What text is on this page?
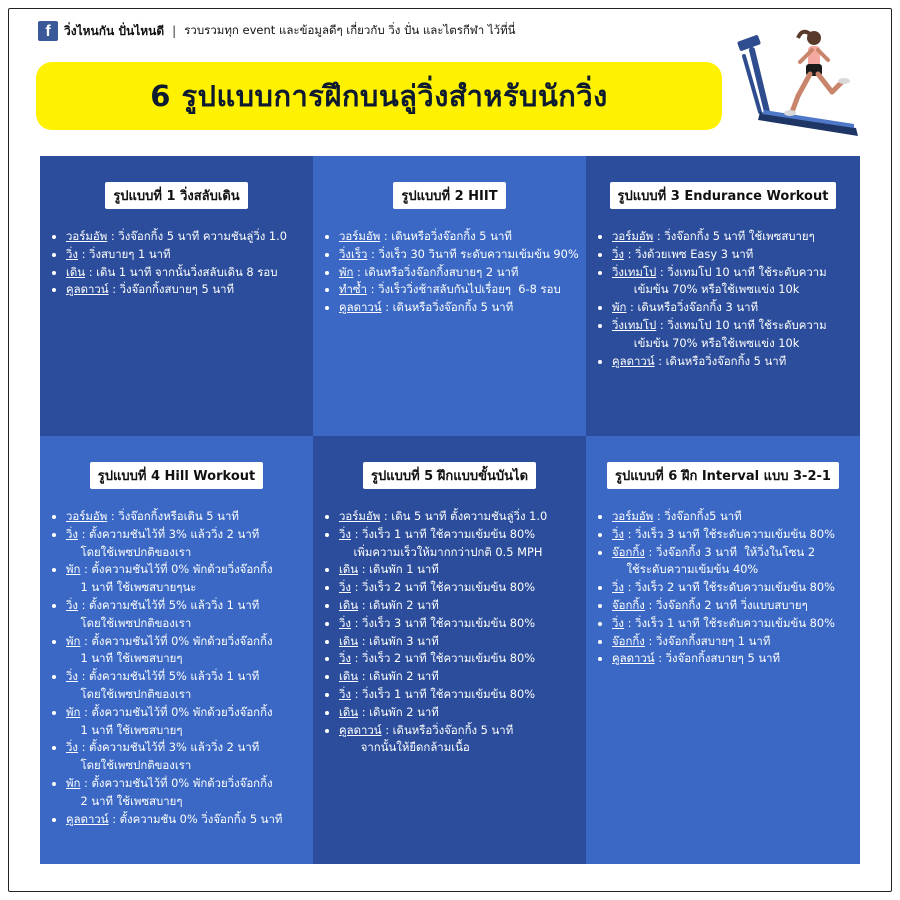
f	วิ่งไหนกัน ปั่นไหนดี | รวบรวมทุก event และข้อมูลดีๆ เกี่ยวกับ วิ่ง ปั่น และไตรกีฬา ไว้ที่นี่
6 รูปแบบการฝึกบนลู่วิ่งสำหรับนักวิ่ง
รูปแบบที่ 1 วิ่งสลับเดิน
วอร์มอัพ : วิ่งจ๊อกกิ้ง 5 นาที ความชันลู่วิ่ง 1.0
วิ่ง : วิ่งสบายๆ 1 นาที
เดิน : เดิน 1 นาที จากนั้นวิ่งสลับเดิน 8 รอบ
คูลดาวน์ : วิ่งจ๊อกกิ้งสบายๆ 5 นาที
รูปแบบที่ 2 HIIT
วอร์มอัพ : เดินหรือวิ่งจ๊อกกิ้ง 5 นาที
วิ่งเร็ว : วิ่งเร็ว 30 วินาที ระดับความเข้มข้น 90%
พัก : เดินหรือวิ่งจ๊อกกิ้งสบายๆ 2 นาที
ทำซ้ำ : วิ่งเร็ววิ่งช้าสลับกันไปเรื่อยๆ  6-8 รอบ
คูลดาวน์ : เดินหรือวิ่งจ๊อกกิ้ง 5 นาที
รูปแบบที่ 3 Endurance Workout
วอร์มอัพ : วิ่งจ๊อกกิ้ง 5 นาที ใช้เพซสบายๆ
วิ่ง : วิ่งด้วยเพซ Easy 3 นาที
วิ่งเทมโป : วิ่งเทมโป 10 นาที ใช้ระดับความ
เข้มข้น 70% หรือใช้เพซแข่ง 10k
พัก : เดินหรือวิ่งจ๊อกกิ้ง 3 นาที
วิ่งเทมโป : วิ่งเทมโป 10 นาที ใช้ระดับความ
เข้มข้น 70% หรือใช้เพซแข่ง 10k
คูลดาวน์ : เดินหรือวิ่งจ๊อกกิ้ง 5 นาที
รูปแบบที่ 4 Hill Workout
วอร์มอัพ : วิ่งจ๊อกกิ้งหรือเดิน 5 นาที
วิ่ง : ตั้งความชันไว้ที่ 3% แล้ววิ่ง 2 นาที
โดยใช้เพซปกติของเรา
พัก : ตั้งความชันไว้ที่ 0% พักด้วยวิ่งจ๊อกกิ้ง
1 นาที ใช้เพซสบายๆนะ
วิ่ง : ตั้งความชันไว้ที่ 5% แล้ววิ่ง 1 นาที
โดยใช้เพซปกติของเรา
พัก : ตั้งความชันไว้ที่ 0% พักด้วยวิ่งจ๊อกกิ้ง
1 นาที ใช้เพซสบายๆ
วิ่ง : ตั้งความชันไว้ที่ 5% แล้ววิ่ง 1 นาที
โดยใช้เพซปกติของเรา
พัก : ตั้งความชันไว้ที่ 0% พักด้วยวิ่งจ๊อกกิ้ง
1 นาที ใช้เพซสบายๆ
วิ่ง : ตั้งความชันไว้ที่ 3% แล้ววิ่ง 2 นาที
โดยใช้เพซปกติของเรา
พัก : ตั้งความชันไว้ที่ 0% พักด้วยวิ่งจ๊อกกิ้ง
2 นาที ใช้เพซสบายๆ
คูลดาวน์ : ตั้งความชัน 0% วิ่งจ๊อกกิ้ง 5 นาที
รูปแบบที่ 5 ฝึกแบบขั้นบันได
วอร์มอัพ : เดิน 5 นาที ตั้งความชันลู่วิ่ง 1.0
วิ่ง : วิ่งเร็ว 1 นาที ใช้ความเข้มข้น 80%
เพิ่มความเร็วให้มากกว่าปกติ 0.5 MPH
เดิน : เดินพัก 1 นาที
วิ่ง : วิ่งเร็ว 2 นาที ใช้ความเข้มข้น 80%
เดิน : เดินพัก 2 นาที
วิ่ง : วิ่งเร็ว 3 นาที ใช้ความเข้มข้น 80%
เดิน : เดินพัก 3 นาที
วิ่ง : วิ่งเร็ว 2 นาที ใช้ความเข้มข้น 80%
เดิน : เดินพัก 2 นาที
วิ่ง : วิ่งเร็ว 1 นาที ใช้ความเข้มข้น 80%
เดิน : เดินพัก 2 นาที
คูลดาวน์ : เดินหรือวิ่งจ๊อกกิ้ง 5 นาที
จากนั้นให้ยืดกล้ามเนื้อ
รูปแบบที่ 6 ฝึก Interval แบบ 3-2-1
วอร์มอัพ : วิ่งจ๊อกกิ้ง5 นาที
วิ่ง : วิ่งเร็ว 3 นาที ใช้ระดับความเข้มข้น 80%
จ๊อกกิ้ง : วิ่งจ๊อกกิ้ง 3 นาที  ให้วิ่งในโซน 2
ใช้ระดับความเข้มข้น 40%
วิ่ง : วิ่งเร็ว 2 นาที ใช้ระดับความเข้มข้น 80%
จ๊อกกิ้ง : วิ่งจ๊อกกิ้ง 2 นาที วิ่งแบบสบายๆ
วิ่ง : วิ่งเร็ว 1 นาที ใช้ระดับความเข้มข้น 80%
จ๊อกกิ้ง : วิ่งจ๊อกกิ้งสบายๆ 1 นาที
คูลดาวน์ : วิ่งจ๊อกกิ้งสบายๆ 5 นาที
